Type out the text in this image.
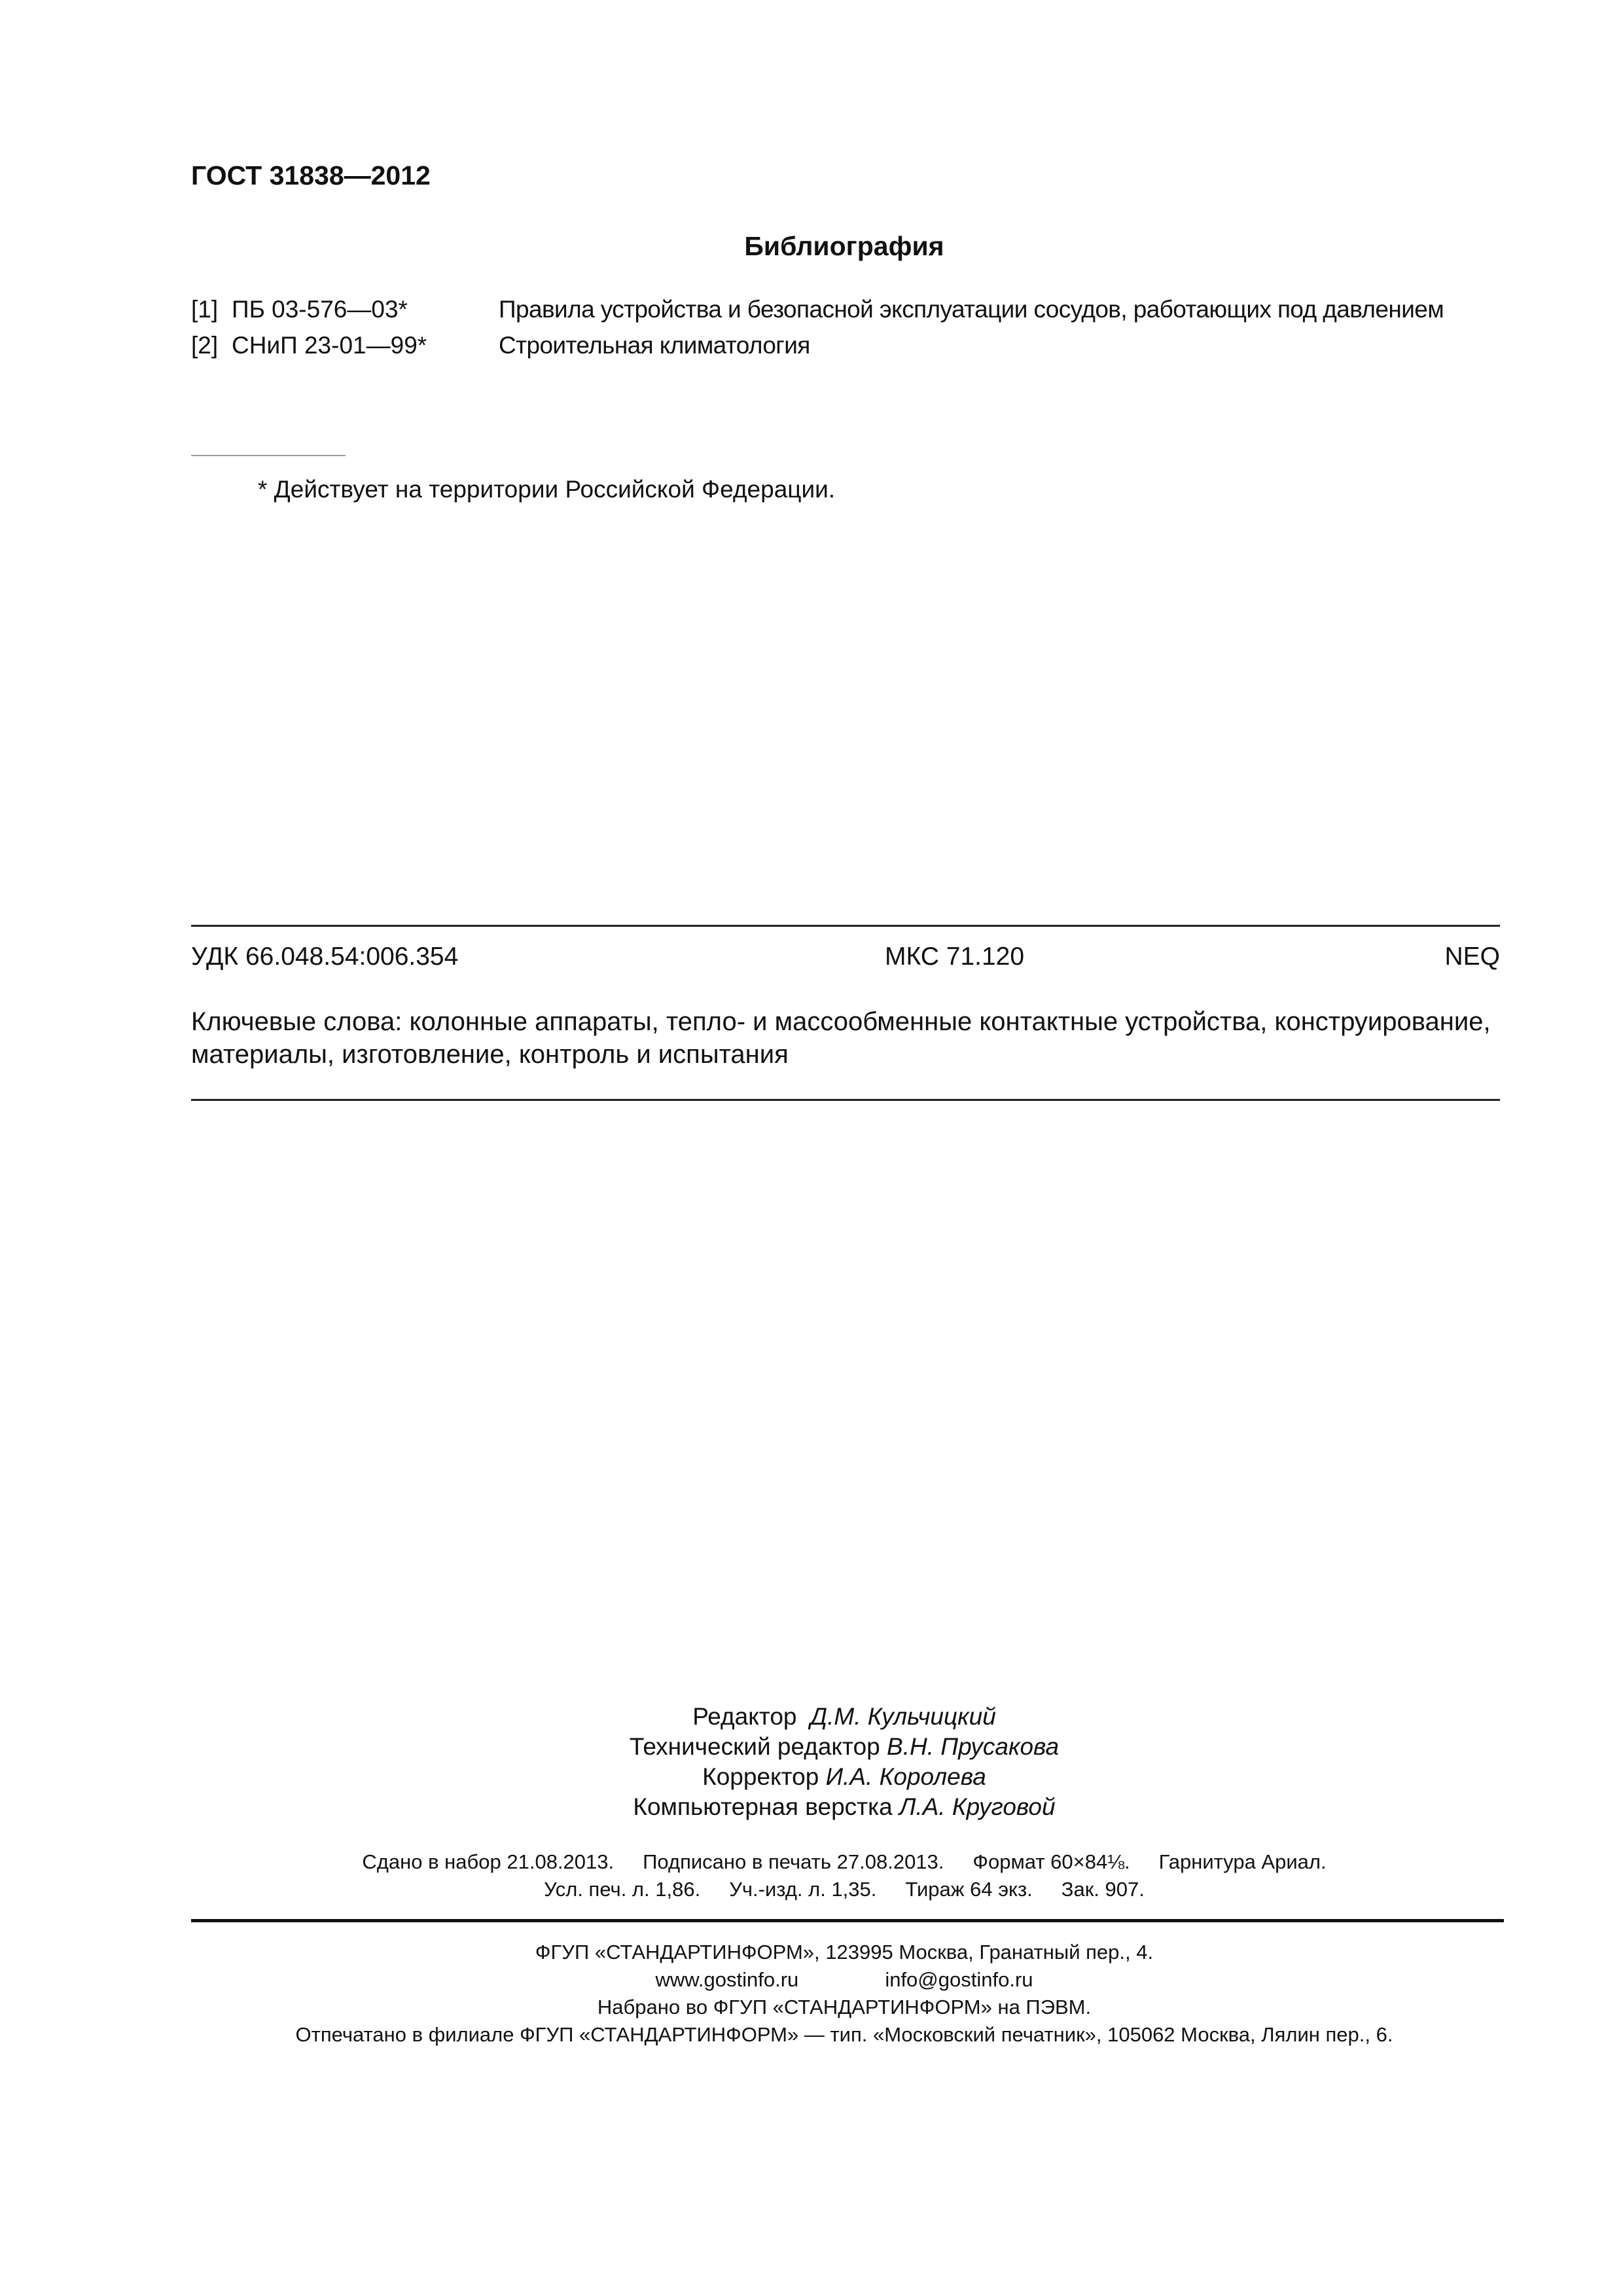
ГОСТ 31838—2012
Библиография
[1] ПБ 03-576—03*	Правила устройства и безопасной эксплуатации сосудов, работающих под давлением
[2] СНиП 23-01—99*	Строительная климатология
* Действует на территории Российской Федерации.
УДК 66.048.54:006.354	МКС 71.120	NEQ
Ключевые слова: колонные аппараты, тепло- и массообменные контактные устройства, конструирование, материалы, изготовление, контроль и испытания
Редактор Д.М. Кульчицкий
Технический редактор В.Н. Прусакова
Корректор И.А. Королева
Компьютерная верстка Л.А. Круговой
Сдано в набор 21.08.2013. Подписано в печать 27.08.2013. Формат 60×84⅛. Гарнитура Ариал.
Усл. печ. л. 1,86. Уч.-изд. л. 1,35. Тираж 64 экз. Зак. 907.
ФГУП «СТАНДАРТИНФОРМ», 123995 Москва, Гранатный пер., 4.
www.gostinfo.ru	info@gostinfo.ru
Набрано во ФГУП «СТАНДАРТИНФОРМ» на ПЭВМ.
Отпечатано в филиале ФГУП «СТАНДАРТИНФОРМ» — тип. «Московский печатник», 105062 Москва, Лялин пер., 6.
